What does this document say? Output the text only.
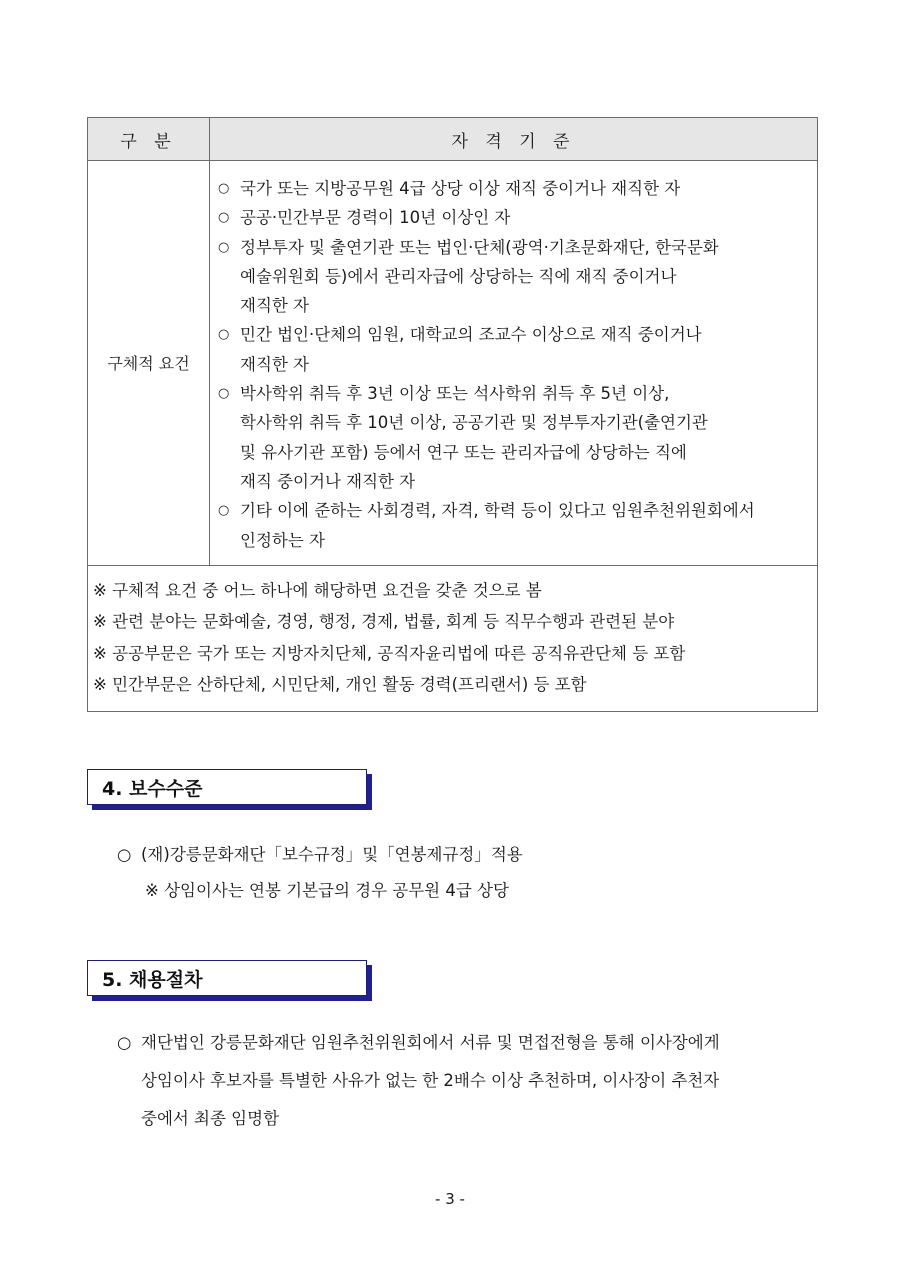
구 분	자 격 기 준
구체적 요건
○ 국가 또는 지방공무원 4급 상당 이상 재직 중이거나 재직한 자
○ 공공·민간부문 경력이 10년 이상인 자
○ 정부투자 및 출연기관 또는 법인·단체(광역·기초문화재단, 한국문화
예술위원회 등)에서 관리자급에 상당하는 직에 재직 중이거나
재직한 자
○ 민간 법인·단체의 임원, 대학교의 조교수 이상으로 재직 중이거나
재직한 자
○ 박사학위 취득 후 3년 이상 또는 석사학위 취득 후 5년 이상,
학사학위 취득 후 10년 이상, 공공기관 및 정부투자기관(출연기관
및 유사기관 포함) 등에서 연구 또는 관리자급에 상당하는 직에
재직 중이거나 재직한 자
○ 기타 이에 준하는 사회경력, 자격, 학력 등이 있다고 임원추천위원회에서
인정하는 자
※ 구체적 요건 중 어느 하나에 해당하면 요건을 갖춘 것으로 봄
※ 관련 분야는 문화예술, 경영, 행정, 경제, 법률, 회계 등 직무수행과 관련된 분야
※ 공공부문은 국가 또는 지방자치단체, 공직자윤리법에 따른 공직유관단체 등 포함
※ 민간부문은 산하단체, 시민단체, 개인 활동 경력(프리랜서) 등 포함
4. 보수수준
○ (재)강릉문화재단「보수규정」및「연봉제규정」적용
※ 상임이사는 연봉 기본급의 경우 공무원 4급 상당
5. 채용절차
○ 재단법인 강릉문화재단 임원추천위원회에서 서류 및 면접전형을 통해 이사장에게
상임이사 후보자를 특별한 사유가 없는 한 2배수 이상 추천하며, 이사장이 추천자
중에서 최종 임명함
- 3 -
